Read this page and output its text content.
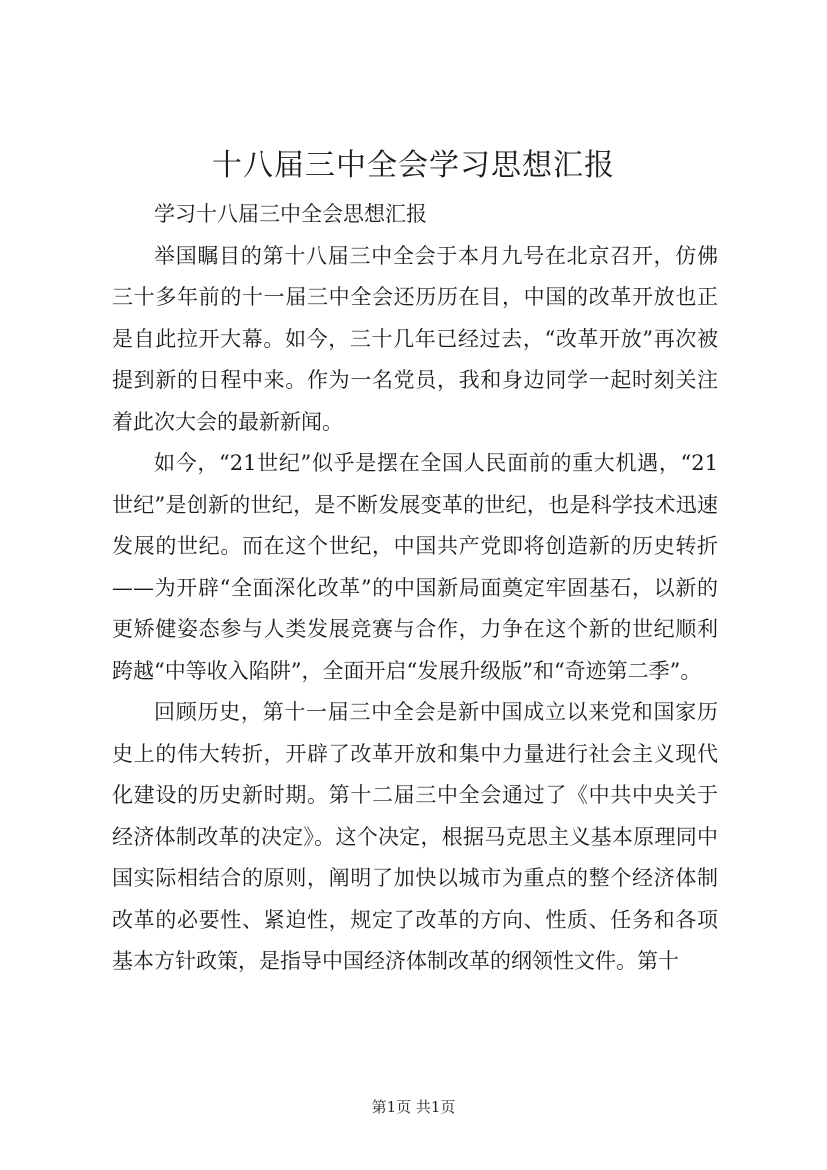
十八届三中全会学习思想汇报

学习十八届三中全会思想汇报

举国瞩目的第十八届三中全会于本月九号在北京召开，仿佛三十多年前的十一届三中全会还历历在目，中国的改革开放也正是自此拉开大幕。如今，三十几年已经过去，“改革开放”再次被提到新的日程中来。作为一名党员，我和身边同学一起时刻关注着此次大会的最新新闻。

如今，“21世纪”似乎是摆在全国人民面前的重大机遇，“21世纪”是创新的世纪，是不断发展变革的世纪，也是科学技术迅速发展的世纪。而在这个世纪，中国共产党即将创造新的历史转折——为开辟“全面深化改革”的中国新局面奠定牢固基石，以新的更矫健姿态参与人类发展竞赛与合作，力争在这个新的世纪顺利跨越“中等收入陷阱”，全面开启“发展升级版”和“奇迹第二季”。

回顾历史，第十一届三中全会是新中国成立以来党和国家历史上的伟大转折，开辟了改革开放和集中力量进行社会主义现代化建设的历史新时期。第十二届三中全会通过了《中共中央关于经济体制改革的决定》。这个决定，根据马克思主义基本原理同中国实际相结合的原则，阐明了加快以城市为重点的整个经济体制改革的必要性、紧迫性，规定了改革的方向、性质、任务和各项基本方针政策，是指导中国经济体制改革的纲领性文件。第十

第1页 共1页
